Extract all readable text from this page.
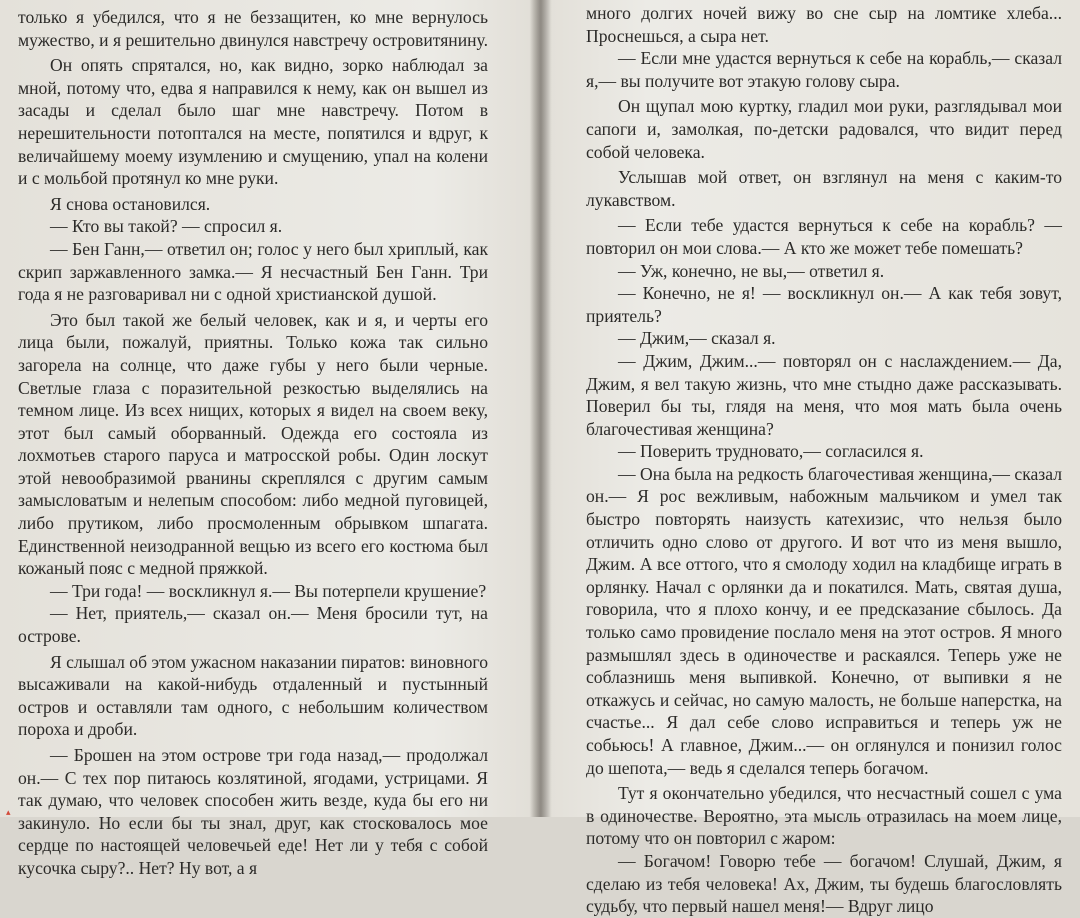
только я убедился, что я не беззащитен, ко мне вернулось мужество, и я решительно двинулся навстречу островитянину.

Он опять спрятался, но, как видно, зорко наблюдал за мной, потому что, едва я направился к нему, как он вышел из засады и сделал было шаг мне навстречу. Потом в нерешительности потоптался на месте, попятился и вдруг, к величайшему моему изумлению и смущению, упал на колени и с мольбой протянул ко мне руки.

Я снова остановился.

— Кто вы такой? — спросил я.

— Бен Ганн,— ответил он; голос у него был хриплый, как скрип заржавленного замка.— Я несчастный Бен Ганн. Три года я не разговаривал ни с одной христианской душой.

Это был такой же белый человек, как и я, и черты его лица были, пожалуй, приятны. Только кожа так сильно загорела на солнце, что даже губы у него были черные. Светлые глаза с поразительной резкостью выделялись на темном лице. Из всех нищих, которых я видел на своем веку, этот был самый оборванный. Одежда его состояла из лохмотьев старого паруса и матросской робы. Один лоскут этой невообразимой рванины скреплялся с другим самым замысловатым и нелепым способом: либо медной пуговицей, либо прутиком, либо просмоленным обрывком шпагата. Единственной неизодранной вещью из всего его костюма был кожаный пояс с медной пряжкой.

— Три года! — воскликнул я.— Вы потерпели крушение?

— Нет, приятель,— сказал он.— Меня бросили тут, на острове.

Я слышал об этом ужасном наказании пиратов: виновного высаживали на какой-нибудь отдаленный и пустынный остров и оставляли там одного, с небольшим количеством пороха и дроби.

— Брошен на этом острове три года назад,— продолжал он.— С тех пор питаюсь козлятиной, ягодами, устрицами. Я так думаю, что человек способен жить везде, куда бы его ни закинуло. Но если бы ты знал, друг, как стосковалось мое сердце по настоящей человечьей еде! Нет ли у тебя с собой кусочка сыру?.. Нет? Ну вот, а я

много долгих ночей вижу во сне сыр на ломтике хлеба... Проснешься, а сыра нет.

— Если мне удастся вернуться к себе на корабль,— сказал я,— вы получите вот этакую голову сыра.

Он щупал мою куртку, гладил мои руки, разглядывал мои сапоги и, замолкая, по-детски радовался, что видит перед собой человека.

Услышав мой ответ, он взглянул на меня с каким-то лукавством.

— Если тебе удастся вернуться к себе на корабль? — повторил он мои слова.— А кто же может тебе помешать?

— Уж, конечно, не вы,— ответил я.

— Конечно, не я! — воскликнул он.— А как тебя зовут, приятель?

— Джим,— сказал я.

— Джим, Джим...— повторял он с наслаждением.— Да, Джим, я вел такую жизнь, что мне стыдно даже рассказывать. Поверил бы ты, глядя на меня, что моя мать была очень благочестивая женщина?

— Поверить трудновато,— согласился я.

— Она была на редкость благочестивая женщина,— сказал он.— Я рос вежливым, набожным мальчиком и умел так быстро повторять наизусть катехизис, что нельзя было отличить одно слово от другого. И вот что из меня вышло, Джим. А все оттого, что я смолоду ходил на кладбище играть в орлянку. Начал с орлянки да и покатился. Мать, святая душа, говорила, что я плохо кончу, и ее предсказание сбылось. Да только само провидение послало меня на этот остров. Я много размышлял здесь в одиночестве и раскаялся. Теперь уже не соблазнишь меня выпивкой. Конечно, от выпивки я не откажусь и сейчас, но самую малость, не больше наперстка, на счастье... Я дал себе слово исправиться и теперь уж не собьюсь! А главное, Джим...— он оглянулся и понизил голос до шепота,— ведь я сделался теперь богачом.

Тут я окончательно убедился, что несчастный сошел с ума в одиночестве. Вероятно, эта мысль отразилась на моем лице, потому что он повторил с жаром:

— Богачом! Говорю тебе — богачом! Слушай, Джим, я сделаю из тебя человека! Ах, Джим, ты будешь благословлять судьбу, что первый нашел меня!— Вдруг лицо

▴
